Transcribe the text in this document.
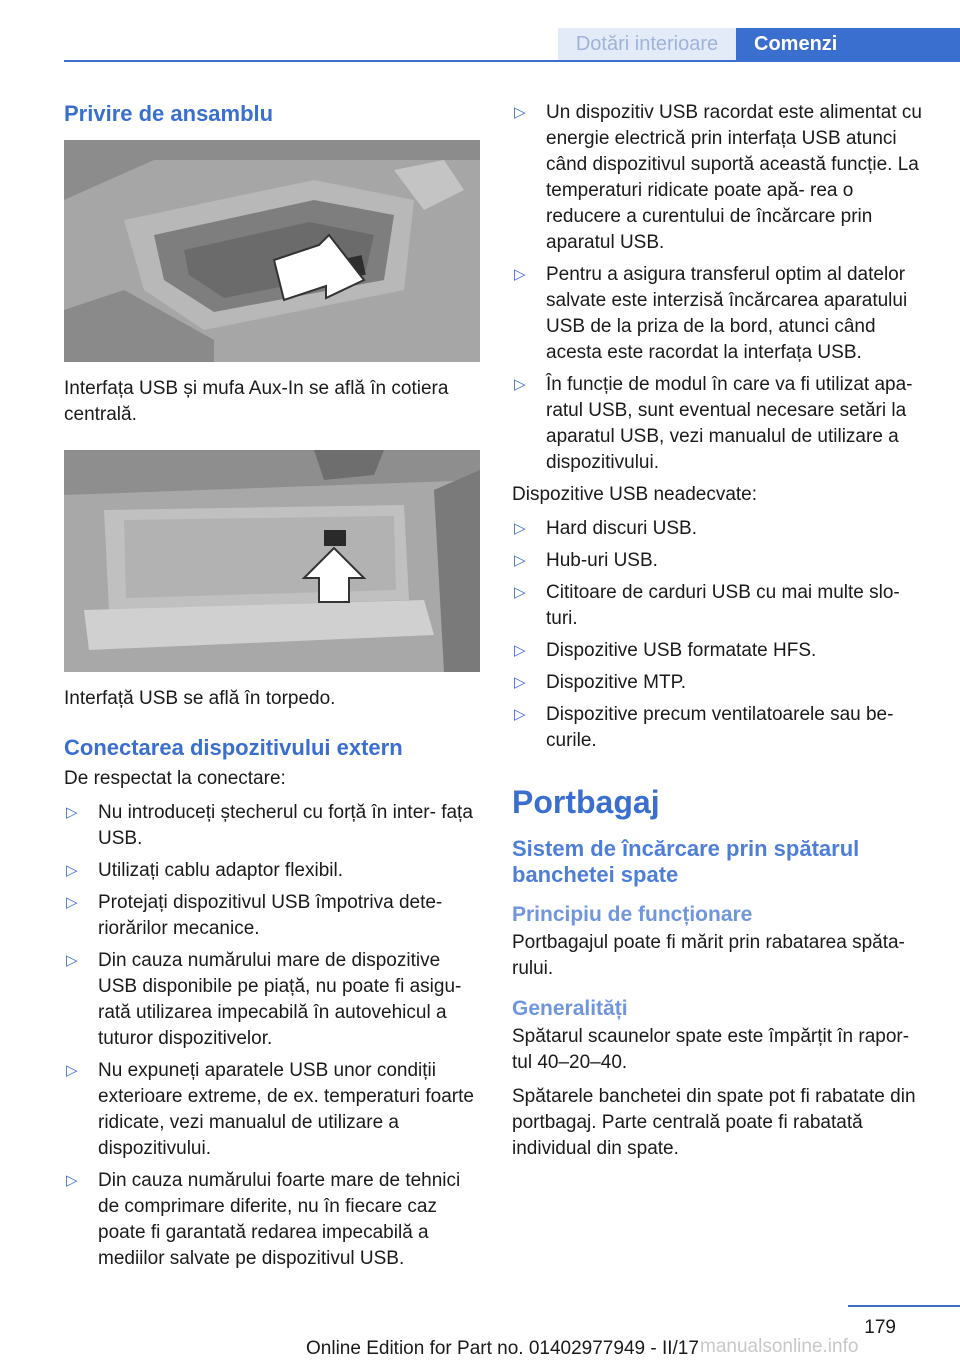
Dotări interioare	Comenzi
Privire de ansamblu

Interfața USB și mufa Aux-In se află în cotiera centrală.

Interfață USB se află în torpedo.

Conectarea dispozitivului extern

De respectat la conectare:

▷ Nu introduceți ștecherul cu forță în inter- fața USB.
▷ Utilizați cablu adaptor flexibil.
▷ Protejați dispozitivul USB împotriva dete- riorărilor mecanice.
▷ Din cauza numărului mare de dispozitive USB disponibile pe piață, nu poate fi asigu- rată utilizarea impecabilă în autovehicul a tuturor dispozitivelor.
▷ Nu expuneți aparatele USB unor condiții exterioare extreme, de ex. temperaturi foarte ridicate, vezi manualul de utilizare a dispozitivului.
▷ Din cauza numărului foarte mare de tehnici de comprimare diferite, nu în fiecare caz poate fi garantată redarea impecabilă a mediilor salvate pe dispozitivul USB.
▷ Un dispozitiv USB racordat este alimentat cu energie electrică prin interfața USB atunci când dispozitivul suportă această funcție. La temperaturi ridicate poate apă- rea o reducere a curentului de încărcare prin aparatul USB.
▷ Pentru a asigura transferul optim al datelor salvate este interzisă încărcarea aparatului USB de la priza de la bord, atunci când acesta este racordat la interfața USB.
▷ În funcție de modul în care va fi utilizat apa- ratul USB, sunt eventual necesare setări la aparatul USB, vezi manualul de utilizare a dispozitivului.

Dispozitive USB neadecvate:

▷ Hard discuri USB.
▷ Hub-uri USB.
▷ Cititoare de carduri USB cu mai multe slo- turi.
▷ Dispozitive USB formatate HFS.
▷ Dispozitive MTP.
▷ Dispozitive precum ventilatoarele sau be- curile.
Portbagaj
Sistem de încărcare prin spătarul banchetei spate
Principiu de funcționare

Portbagajul poate fi mărit prin rabatarea spăta- rului.

Generalități

Spătarul scaunelor spate este împărțit în rapor- tul 40–20–40.

Spătarele banchetei din spate pot fi rabatate din portbagaj. Parte centrală poate fi rabatată individual din spate.

179
Online Edition for Part no. 01402977949 - II/17 manualsonline.info
